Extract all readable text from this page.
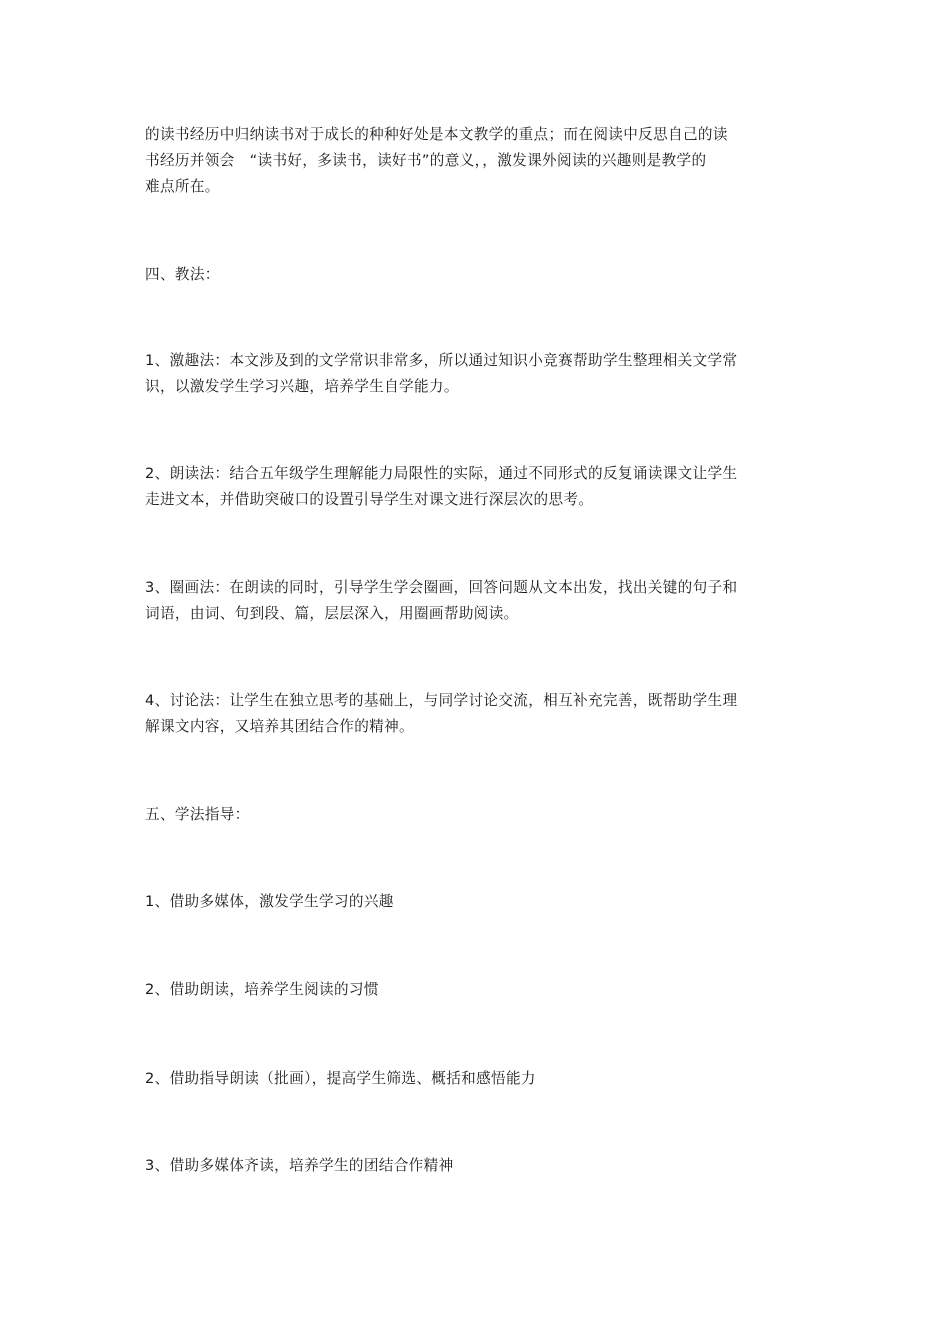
的读书经历中归纳读书对于成长的种种好处是本文教学的重点；而在阅读中反思自己的读
书经历并领会　“读书好，多读书，读好书”的意义，，激发课外阅读的兴趣则是教学的
难点所在。
四、教法：
1、激趣法：本文涉及到的文学常识非常多，所以通过知识小竞赛帮助学生整理相关文学常
识，以激发学生学习兴趣，培养学生自学能力。
2、朗读法：结合五年级学生理解能力局限性的实际，通过不同形式的反复诵读课文让学生
走进文本，并借助突破口的设置引导学生对课文进行深层次的思考。
3、圈画法：在朗读的同时，引导学生学会圈画，回答问题从文本出发，找出关键的句子和
词语，由词、句到段、篇，层层深入，用圈画帮助阅读。
4、讨论法：让学生在独立思考的基础上，与同学讨论交流，相互补充完善，既帮助学生理
解课文内容，又培养其团结合作的精神。
五、学法指导：
1、借助多媒体，激发学生学习的兴趣
2、借助朗读，培养学生阅读的习惯
2、借助指导朗读（批画），提高学生筛选、概括和感悟能力
3、借助多媒体齐读，培养学生的团结合作精神
